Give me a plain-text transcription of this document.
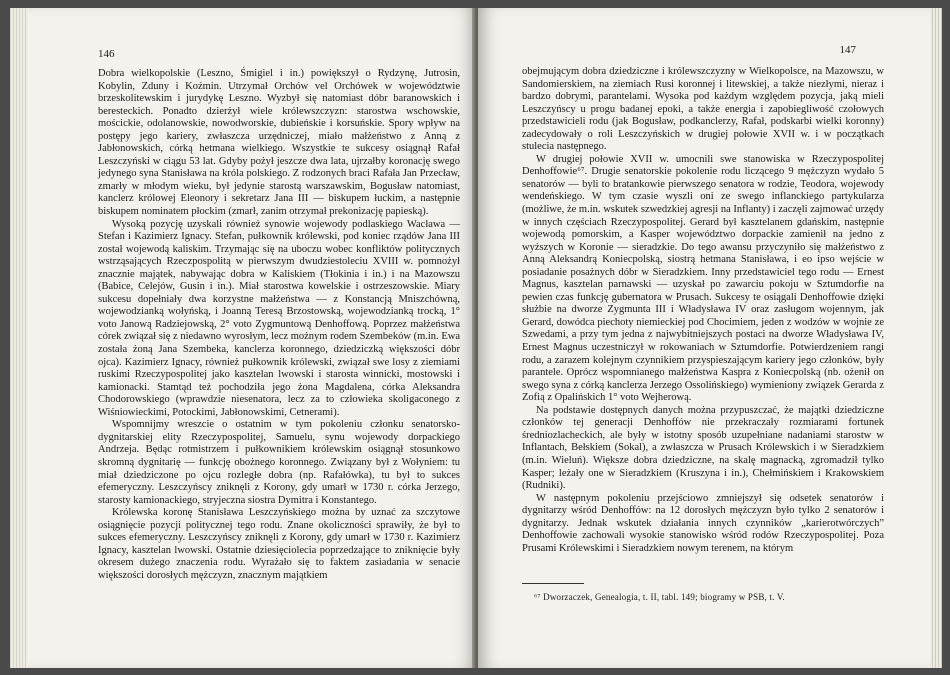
146

Dobra wielkopolskie (Leszno, Śmigiel i in.) powiększył o Rydzynę, Jutrosin, Kobylin, Zduny i Koźmin. Utrzymał Orchów vel Orchówek w województwie brzeskolitewskim i jurydykę Leszno. Wyzbył się natomiast dóbr baranowskich i beresteckich. Ponadto dzierżył wiele królewszczyzn: starostwa wschowskie, mościckie, odolanowskie, nowodworskie, dubieńskie i korsuńskie. Spory wpływ na postępy jego kariery, zwłaszcza urzędniczej, miało małżeństwo z Anną z Jabłonowskich, córką hetmana wielkiego. Wszystkie te sukcesy osiągnął Rafał Leszczyński w ciągu 53 lat. Gdyby pożył jeszcze dwa lata, ujrzałby koronację swego jedynego syna Stanisława na króla polskiego. Z rodzonych braci Rafała Jan Przecław, zmarły w młodym wieku, był jedynie starostą warszawskim, Bogusław natomiast, kanclerz królowej Eleonory i sekretarz Jana III — biskupem łuckim, a następnie biskupem nominatem płockim (zmarł, zanim otrzymał prekonizację papieską).

Wysoką pozycję uzyskali również synowie wojewody podlaskiego Wacława — Stefan i Kazimierz Ignacy. Stefan, pułkownik królewski, pod koniec rządów Jana III został wojewodą kaliskim. Trzymając się na uboczu wobec konfliktów politycznych wstrząsających Rzeczpospolitą w pierwszym dwudziestoleciu XVIII w. pomnożył znacznie majątek, nabywając dobra w Kaliskiem (Tłokinia i in.) i na Mazowszu (Babice, Celejów, Gusin i in.). Miał starostwa kowelskie i ostrzeszowskie. Miary sukcesu dopełniały dwa korzystne małżeństwa — z Konstancją Mniszchówną, wojewodzianką wołyńską, i Joanną Teresą Brzostowską, wojewodzianką trocką, 1° voto Janową Radziejowską, 2° voto Zygmuntową Denhoffową. Poprzez małżeństwa córek związał się z niedawno wyrosłym, lecz możnym rodem Szembeków (m.in. Ewa została żoną Jana Szembeka, kanclerza koronnego, dziedziczką większości dóbr ojca). Kazimierz Ignacy, również pułkownik królewski, związał swe losy z ziemiami ruskimi Rzeczypospolitej jako kasztelan lwowski i starosta winnicki, mostowski i kamionacki. Stamtąd też pochodziła jego żona Magdalena, córka Aleksandra Chodorowskiego (wprawdzie niesenatora, lecz za to człowieka skoligaconego z Wiśniowieckimi, Potockimi, Jabłonowskimi, Cetnerami).

Wspomnijmy wreszcie o ostatnim w tym pokoleniu członku senatorsko-dygnitarskiej elity Rzeczypospolitej, Samuelu, synu wojewody dorpackiego Andrzeja. Będąc rotmistrzem i pułkownikiem królewskim osiągnął stosunkowo skromną dygnitarię — funkcję obożnego koronnego. Związany był z Wołyniem: tu miał dziedziczone po ojcu rozległe dobra (np. Rafałówka), tu był to sukces efemeryczny. Leszczyńscy zniknęli z Korony, gdy umarł w 1730 r. córka Jerzego, starosty kamionackiego, stryjeczna siostra Dymitra i Konstantego.

Królewska koronę Stanisława Leszczyńskiego można by uznać za szczytowe osiągnięcie pozycji politycznej tego rodu. Znane okoliczności sprawiły, że był to sukces efemeryczny. Leszczyńscy zniknęli z Korony, gdy umarł w 1730 r. Kazimierz Ignacy, kasztelan lwowski. Ostatnie dziesięciolecia poprzedzające to zniknięcie były okresem dużego znaczenia rodu. Wyrażało się to faktem zasiadania w senacie większości dorosłych mężczyzn, znacznym majątkiem

147

obejmującym dobra dziedziczne i królewszczyzny w Wielkopolsce, na Mazowszu, w Sandomierskiem, na ziemiach Rusi koronnej i litewskiej, a także niezłymi, nieraz i bardzo dobrymi, parantelami. Wysoka pod każdym względem pozycja, jaką mieli Leszczyńscy u progu badanej epoki, a także energia i zapobiegliwość czołowych przedstawicieli rodu (jak Bogusław, podkanclerzy, Rafał, podskarbi wielki koronny) zadecydowały o roli Leszczyńskich w drugiej połowie XVII w. i w początkach stulecia następnego.

W drugiej połowie XVII w. umocnili swe stanowiska w Rzeczypospolitej Denhoffowie⁶⁷. Drugie senatorskie pokolenie rodu liczącego 9 mężczyzn wydało 5 senatorów — byli to bratankowie pierwszego senatora w rodzie, Teodora, wojewody wendeńskiego. W tym czasie wyszli oni ze swego inflanckiego partykularza (możliwe, że m.in. wskutek szwedzkiej agresji na Inflanty) i zaczęli zajmować urzędy w innych częściach Rzeczypospolitej. Gerard był kasztelanem gdańskim, następnie wojewodą pomorskim, a Kasper województwo dorpackie zamienił na jedno z wyższych w Koronie — sieradzkie. Do tego awansu przyczyniło się małżeństwo z Anną Aleksandrą Koniecpolską, siostrą hetmana Stanisława, i eo ipso wejście w posiadanie posażnych dóbr w Sieradzkiem. Inny przedstawiciel tego rodu — Ernest Magnus, kasztelan parnawski — uzyskał po zawarciu pokoju w Sztumdorfie na pewien czas funkcję gubernatora w Prusach. Sukcesy te osiągali Denhoffowie dzięki służbie na dworze Zygmunta III i Władysława IV oraz zasługom wojennym, jak Gerard, dowódca piechoty niemieckiej pod Chocimiem, jeden z wodzów w wojnie ze Szwedami, a przy tym jedna z najwybitniejszych postaci na dworze Władysława IV, Ernest Magnus uczestniczył w rokowaniach w Sztumdorfie. Potwierdzeniem rangi rodu, a zarazem kolejnym czynnikiem przyspieszającym kariery jego członków, były parantele. Oprócz wspomnianego małżeństwa Kaspra z Koniecpolską (nb. ożenił on swego syna z córką kanclerza Jerzego Ossolińskiego) wymieniony związek Gerarda z Zofią z Opalińskich 1° voto Wejherową.

Na podstawie dostępnych danych można przypuszczać, że majątki dziedziczne członków tej generacji Denhoffów nie przekraczały rozmiarami fortunek średniozlacheckich, ale były w istotny sposób uzupełniane nadaniami starostw w Inflantach, Bełskiem (Sokal), a zwłaszcza w Prusach Królewskich i w Sieradzkiem (m.in. Wieluń). Większe dobra dziedziczne, na skalę magnacką, zgromadził tylko Kasper; leżały one w Sieradzkiem (Kruszyna i in.), Chełmińskiem i Krakowskiem (Rudniki).

W następnym pokoleniu przejściowo zmniejszył się odsetek senatorów i dygnitarzy wśród Denhoffów: na 12 dorosłych mężczyzn było tylko 2 senatorów i dygnitarzy. Jednak wskutek działania innych czynników „karierotwórczych” Denhoffowie zachowali wysokie stanowisko wśród rodów Rzeczypospolitej. Poza Prusami Królewskimi i Sieradzkiem nowym terenem, na którym

⁶⁷ Dworzaczek, Genealogia, t. II, tabl. 149; biogramy w PSB, t. V.
